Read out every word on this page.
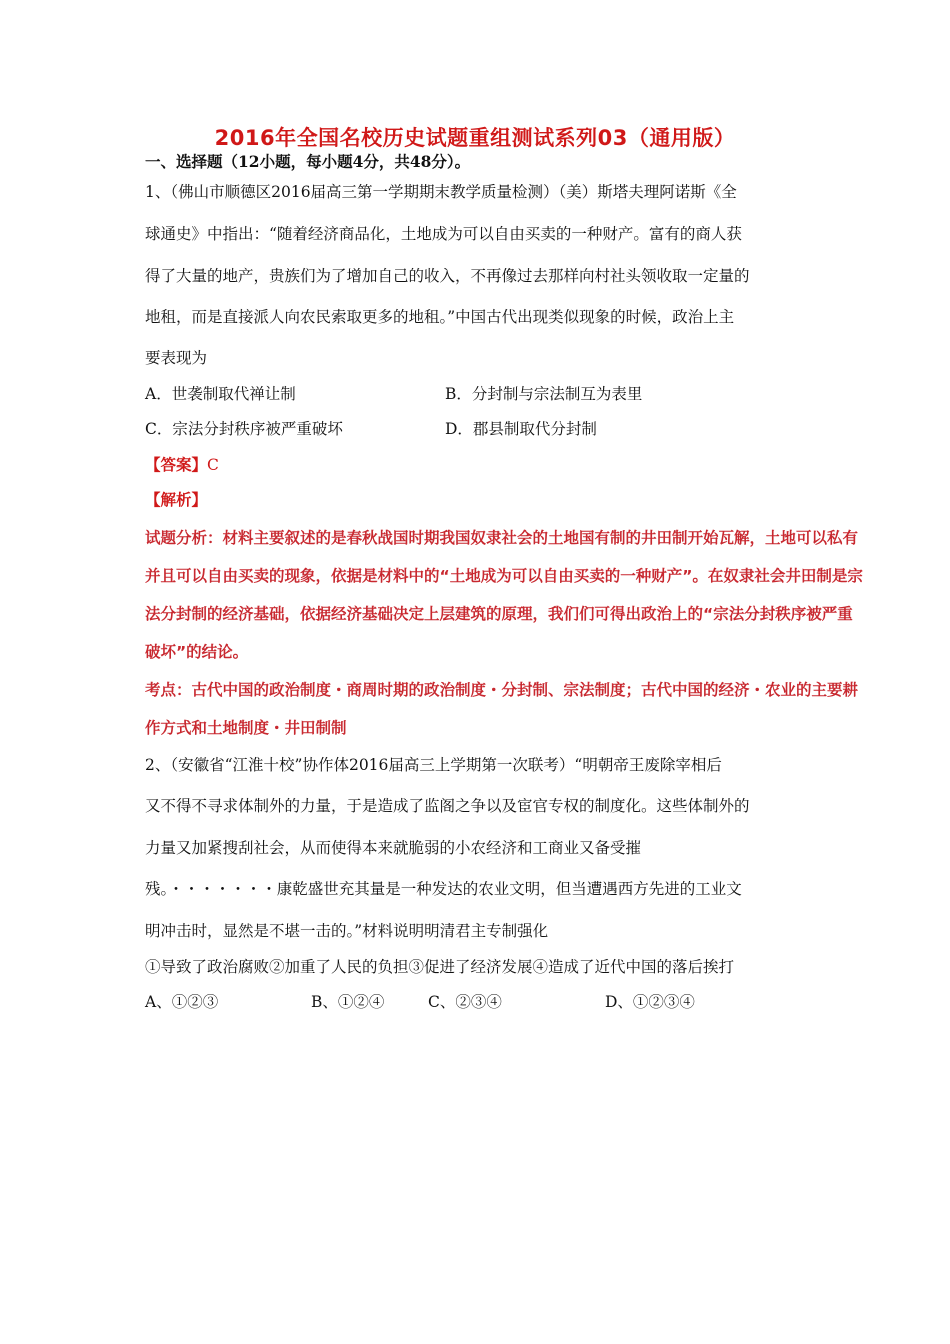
2016年全国名校历史试题重组测试系列03（通用版）
一、选择题（12小题，每小题4分，共48分）。
1、（佛山市顺德区2016届高三第一学期期末教学质量检测）（美）斯塔夫理阿诺斯《全
球通史》中指出：“随着经济商品化，土地成为可以自由买卖的一种财产。富有的商人获
得了大量的地产，贵族们为了增加自己的收入，不再像过去那样向村社头领收取一定量的
地租，而是直接派人向农民索取更多的地租。”中国古代出现类似现象的时候，政治上主
要表现为
A．世袭制取代禅让制	B．分封制与宗法制互为表里
C．宗法分封秩序被严重破坏	D．郡县制取代分封制
【答案】C
【解析】
试题分析：材料主要叙述的是春秋战国时期我国奴隶社会的土地国有制的井田制开始瓦解，土地可以私有
并且可以自由买卖的现象，依据是材料中的“土地成为可以自由买卖的一种财产”。在奴隶社会井田制是宗
法分封制的经济基础，依据经济基础决定上层建筑的原理，我们们可得出政治上的“宗法分封秩序被严重
破坏”的结论。
考点：古代中国的政治制度・商周时期的政治制度・分封制、宗法制度；古代中国的经济・农业的主要耕
作方式和土地制度・井田制制
2、（安徽省“江淮十校”协作体2016届高三上学期第一次联考）“明朝帝王废除宰相后
又不得不寻求体制外的力量，于是造成了监阁之争以及宦官专权的制度化。这些体制外的
力量又加紧搜刮社会，从而使得本来就脆弱的小农经济和工商业又备受摧
残。・・・・・・・康乾盛世充其量是一种发达的农业文明，但当遭遇西方先进的工业文
明冲击时，显然是不堪一击的。”材料说明明清君主专制强化
①导致了政治腐败②加重了人民的负担③促进了经济发展④造成了近代中国的落后挨打
A、①②③	B、①②④	C、②③④	D、①②③④
